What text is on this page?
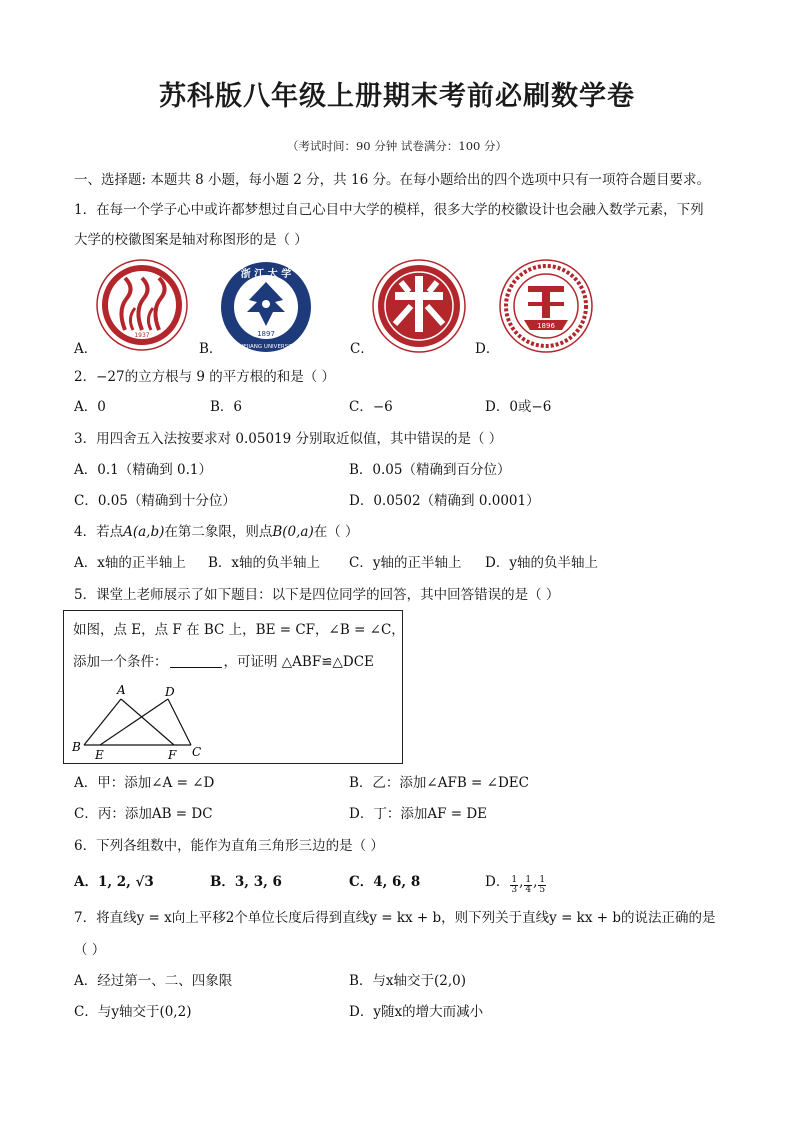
苏科版八年级上册期末考前必刷数学卷
（考试时间：90 分钟 试卷满分：100 分）
一、选择题: 本题共 8 小题，每小题 2 分，共 16 分。在每小题给出的四个选项中只有一项符合题目要求。
1．在每一个学子心中或许都梦想过自己心目中大学的模样，很多大学的校徽设计也会融入数学元素，下列
大学的校徽图案是轴对称图形的是（ ）
1937
浙 江 大 学
ZHEJIANG UNIVERSITY
1897
1896
A．	B．	C．	D．
2．−27的立方根与 9 的平方根的和是（ ）
A．0	B．6	C．−6	D．0或−6
3．用四舍五入法按要求对 0.05019 分别取近似值，其中错误的是（ ）
A．0.1（精确到 0.1）	B．0.05（精确到百分位）
C．0.05（精确到十分位）	D．0.0502（精确到 0.0001）
4．若点A(a,b)在第二象限，则点B(0,a)在（ ）
A．x轴的正半轴上 B．x轴的负半轴上 C．y轴的正半轴上 D．y轴的负半轴上
5．课堂上老师展示了如下题目：以下是四位同学的回答，其中回答错误的是（ ）
如图，点 E，点 F 在 BC 上，BE = CF，∠B = ∠C，
添加一个条件：	，可证明 △ABF≌△DCE
A	D
B
E	F C
A．甲：添加∠A = ∠D	B．乙：添加∠AFB = ∠DEC
C．丙：添加AB = DC	D．丁：添加AF = DE
6．下列各组数中，能作为直角三角形三边的是（ ）
A．1, 2, √3	B．3, 3, 6	C．4, 6, 8	D． $\frac{1}{3}$ , $\frac{1}{4}$ , $\frac{1}{5}$
7．将直线y = x向上平移2个单位长度后得到直线y = kx + b，则下列关于直线y = kx + b的说法正确的是
（ ）
A．经过第一、二、四象限	B．与x轴交于(2,0)
C．与y轴交于(0,2)	D．y随x的增大而减小
